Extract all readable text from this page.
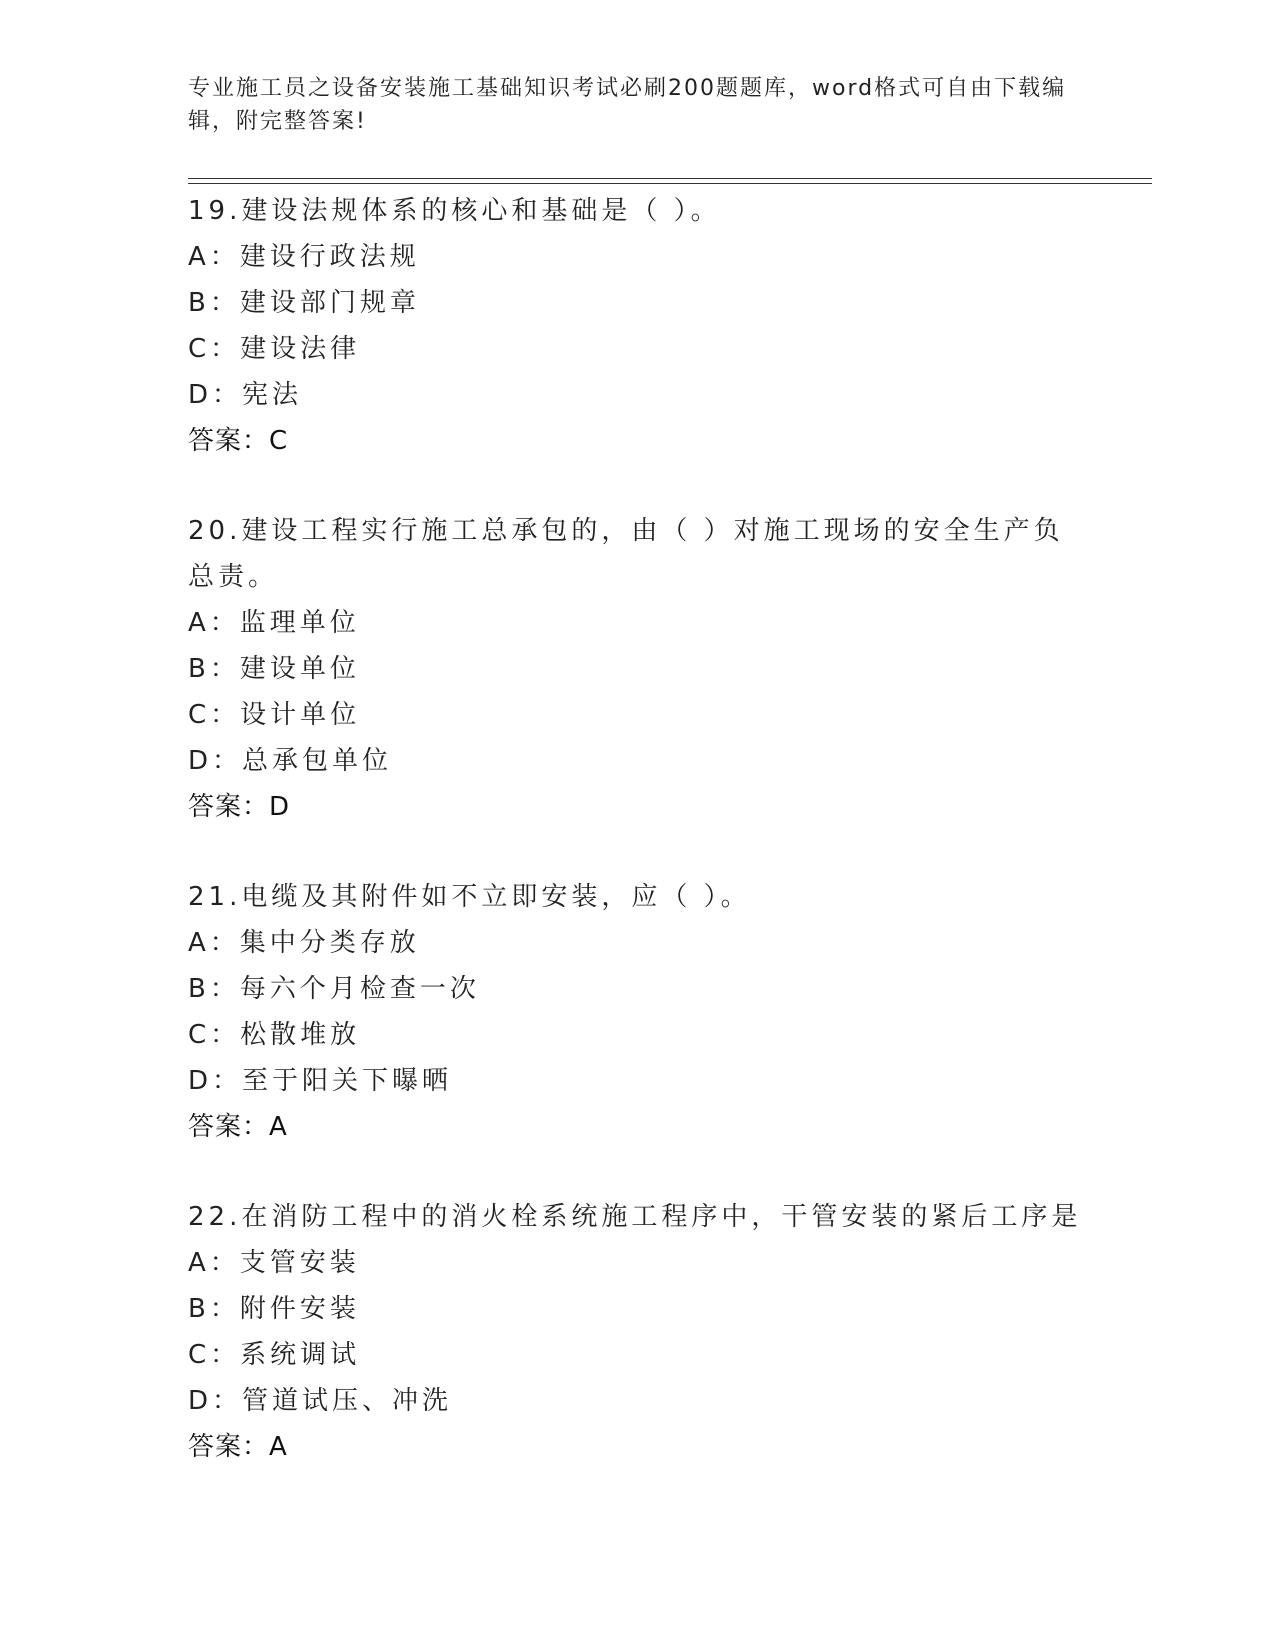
专业施工员之设备安装施工基础知识考试必刷200题题库，word格式可自由下载编辑，附完整答案!
19.建设法规体系的核心和基础是（ ）。
A：建设行政法规
B：建设部门规章
C：建设法律
D：宪法
答案：C
20.建设工程实行施工总承包的，由（ ）对施工现场的安全生产负总责。
A：监理单位
B：建设单位
C：设计单位
D：总承包单位
答案：D
21.电缆及其附件如不立即安装，应（ ）。
A：集中分类存放
B：每六个月检查一次
C：松散堆放
D：至于阳关下曝晒
答案：A
22.在消防工程中的消火栓系统施工程序中，干管安装的紧后工序是
A：支管安装
B：附件安装
C：系统调试
D：管道试压、冲洗
答案：A
